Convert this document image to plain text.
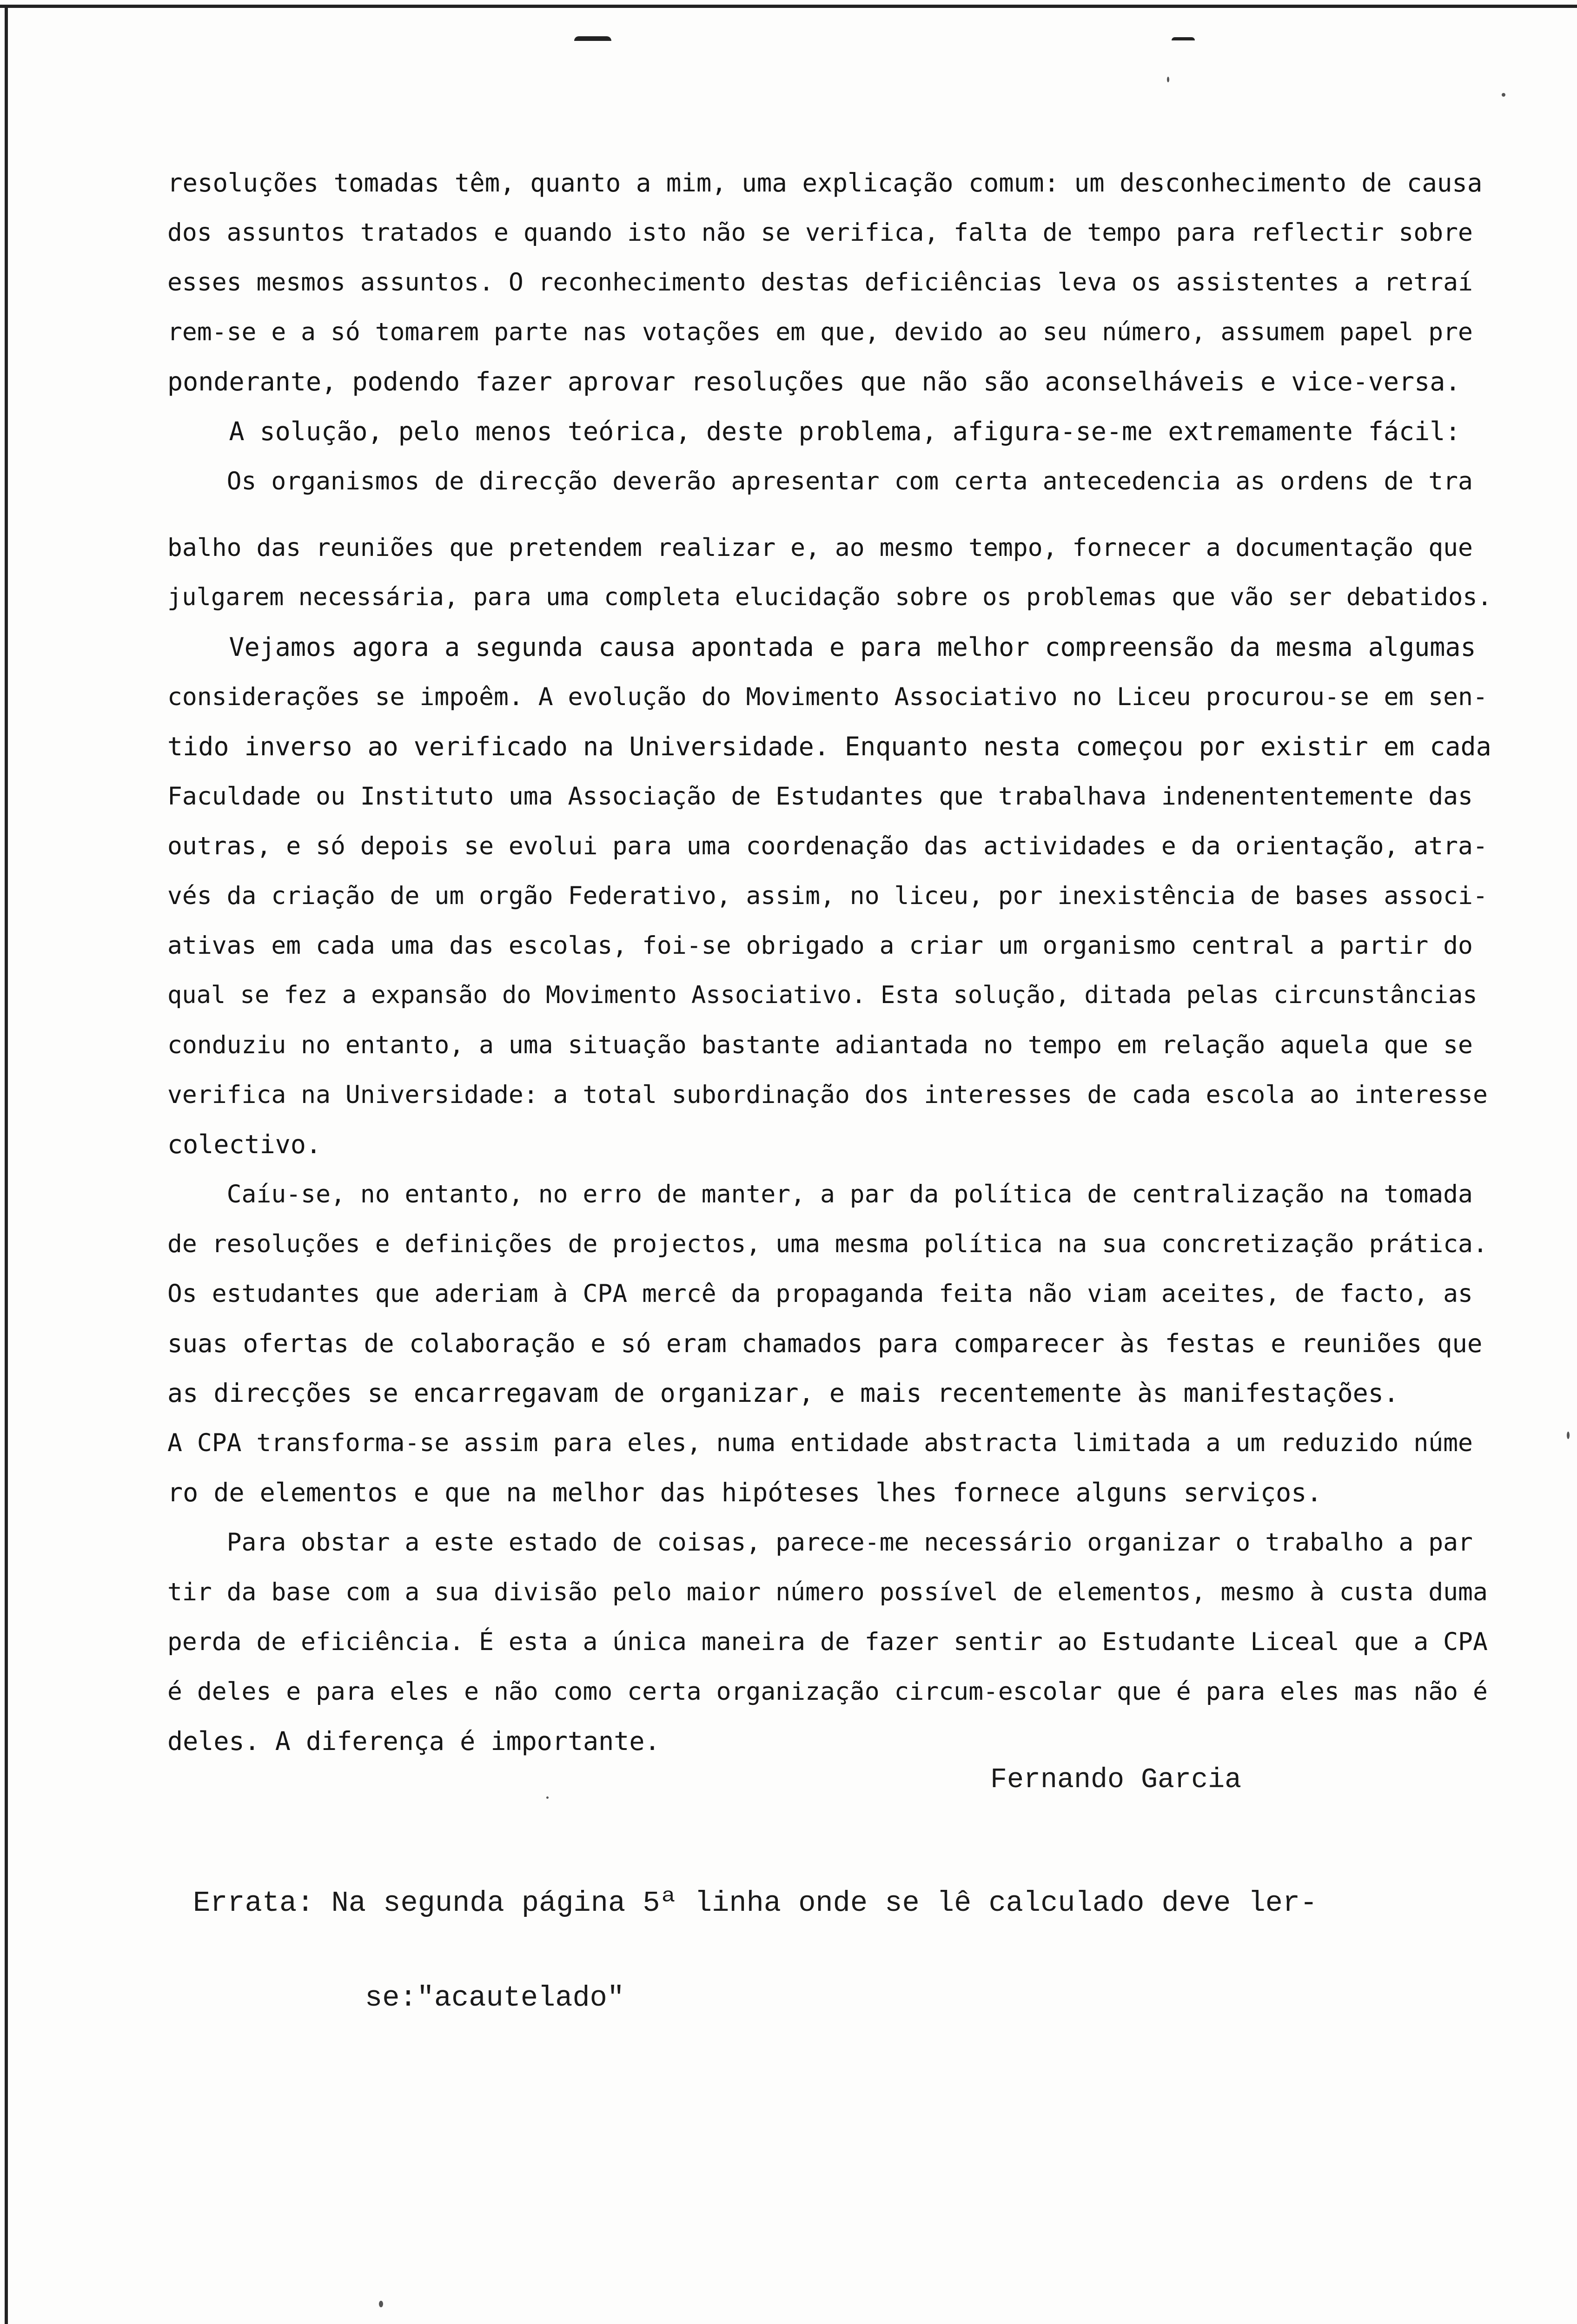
resoluções tomadas têm, quanto a mim, uma explicação comum: um desconhecimento de causa
dos assuntos tratados e quando isto não se verifica, falta de tempo para reflectir sobre
esses mesmos assuntos. O reconhecimento destas deficiências leva os assistentes a retraí
rem-se e a só tomarem parte nas votações em que, devido ao seu número, assumem papel pre
ponderante, podendo fazer aprovar resoluções que não são aconselháveis e vice-versa.
A solução, pelo menos teórica, deste problema, afigura-se-me extremamente fácil:
Os organismos de direcção deverão apresentar com certa antecedencia as ordens de tra
balho das reuniões que pretendem realizar e, ao mesmo tempo, fornecer a documentação que
julgarem necessária, para uma completa elucidação sobre os problemas que vão ser debatidos.
Vejamos agora a segunda causa apontada e para melhor compreensão da mesma algumas
considerações se impoêm. A evolução do Movimento Associativo no Liceu procurou-se em sen-
tido inverso ao verificado na Universidade. Enquanto nesta começou por existir em cada
Faculdade ou Instituto uma Associação de Estudantes que trabalhava indenententemente das
outras, e só depois se evolui para uma coordenação das actividades e da orientação, atra-
vés da criação de um orgão Federativo, assim, no liceu, por inexistência de bases associ-
ativas em cada uma das escolas, foi-se obrigado a criar um organismo central a partir do
qual se fez a expansão do Movimento Associativo. Esta solução, ditada pelas circunstâncias
conduziu no entanto, a uma situação bastante adiantada no tempo em relação aquela que se
verifica na Universidade: a total subordinação dos interesses de cada escola ao interesse
colectivo.
Caíu-se, no entanto, no erro de manter, a par da política de centralização na tomada
de resoluções e definições de projectos, uma mesma política na sua concretização prática.
Os estudantes que aderiam à CPA mercê da propaganda feita não viam aceites, de facto, as
suas ofertas de colaboração e só eram chamados para comparecer às festas e reuniões que
as direcções se encarregavam de organizar, e mais recentemente às manifestações.
A CPA transforma-se assim para eles, numa entidade abstracta limitada a um reduzido núme
ro de elementos e que na melhor das hipóteses lhes fornece alguns serviços.
Para obstar a este estado de coisas, parece-me necessário organizar o trabalho a par
tir da base com a sua divisão pelo maior número possível de elementos, mesmo à custa duma
perda de eficiência. É esta a única maneira de fazer sentir ao Estudante Liceal que a CPA
é deles e para eles e não como certa organização circum-escolar que é para eles mas não é
deles. A diferença é importante.
Fernando Garcia

Errata: Na segunda página 5ª linha onde se lê calculado deve ler-

se:"acautelado"
